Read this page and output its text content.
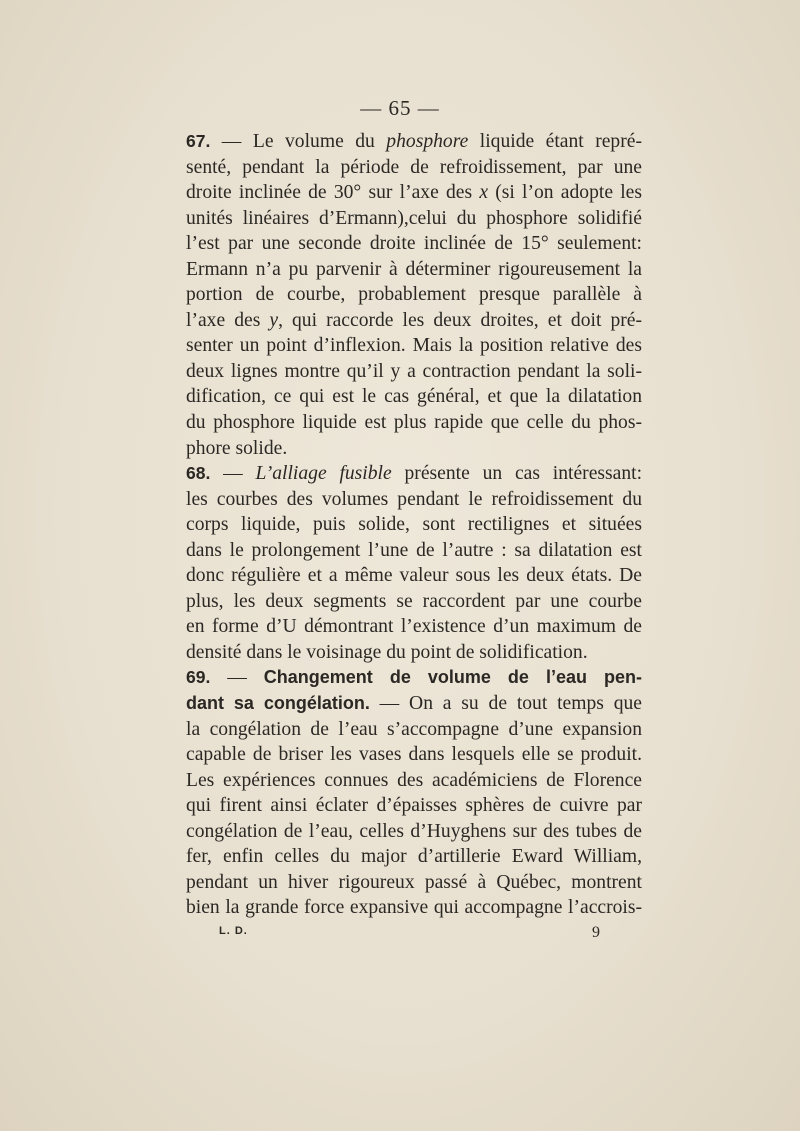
— 65 —
67. — Le volume du phosphore liquide étant repré-
senté, pendant la période de refroidissement, par une
droite inclinée de 30° sur l’axe des x (si l’on adopte les
unités linéaires d’Ermann),celui du phosphore solidifié
l’est par une seconde droite inclinée de 15° seulement:
Ermann n’a pu parvenir à déterminer rigoureusement la
portion de courbe, probablement presque parallèle à
l’axe des y, qui raccorde les deux droites, et doit pré-
senter un point d’inflexion. Mais la position relative des
deux lignes montre qu’il y a contraction pendant la soli-
dification, ce qui est le cas général, et que la dilatation
du phosphore liquide est plus rapide que celle du phos-
phore solide.
68. — L’alliage fusible présente un cas intéressant:
les courbes des volumes pendant le refroidissement du
corps liquide, puis solide, sont rectilignes et situées
dans le prolongement l’une de l’autre : sa dilatation est
donc régulière et a même valeur sous les deux états. De
plus, les deux segments se raccordent par une courbe
en forme d’U démontrant l’existence d’un maximum de
densité dans le voisinage du point de solidification.
69. — Changement de volume de l’eau pen-
dant sa congélation. — On a su de tout temps que
la congélation de l’eau s’accompagne d’une expansion
capable de briser les vases dans lesquels elle se produit.
Les expériences connues des académiciens de Florence
qui firent ainsi éclater d’épaisses sphères de cuivre par
congélation de l’eau, celles d’Huyghens sur des tubes de
fer, enfin celles du major d’artillerie Eward William,
pendant un hiver rigoureux passé à Québec, montrent
bien la grande force expansive qui accompagne l’accrois-
L. D.	9
